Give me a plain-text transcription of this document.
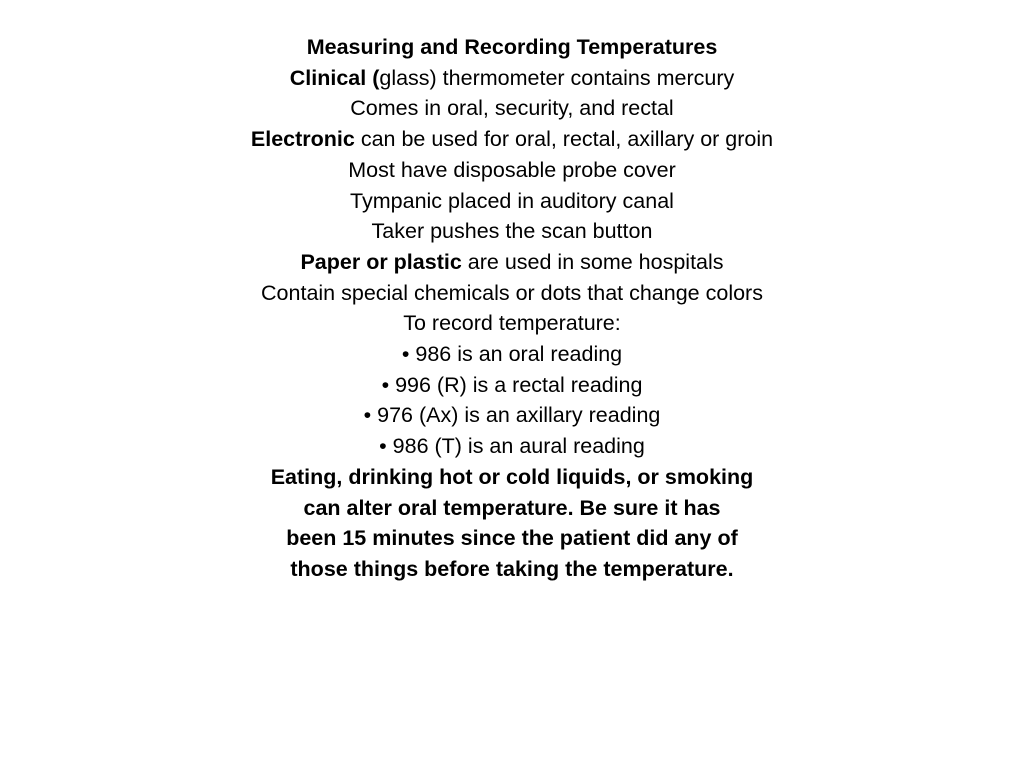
Measuring and Recording Temperatures
Clinical (glass) thermometer contains mercury
Comes in oral, security, and rectal
Electronic can be used for oral, rectal, axillary or groin
Most have disposable probe cover
Tympanic placed in auditory canal
Taker pushes the scan button
Paper or plastic are used in some hospitals
Contain special chemicals or dots that change colors
To record temperature:
• 986 is an oral reading
• 996 (R) is a rectal reading
• 976 (Ax) is an axillary reading
• 986 (T) is an aural reading
Eating, drinking hot or cold liquids, or smoking
can alter oral temperature. Be sure it has
been 15 minutes since the patient did any of
those things before taking the temperature.
